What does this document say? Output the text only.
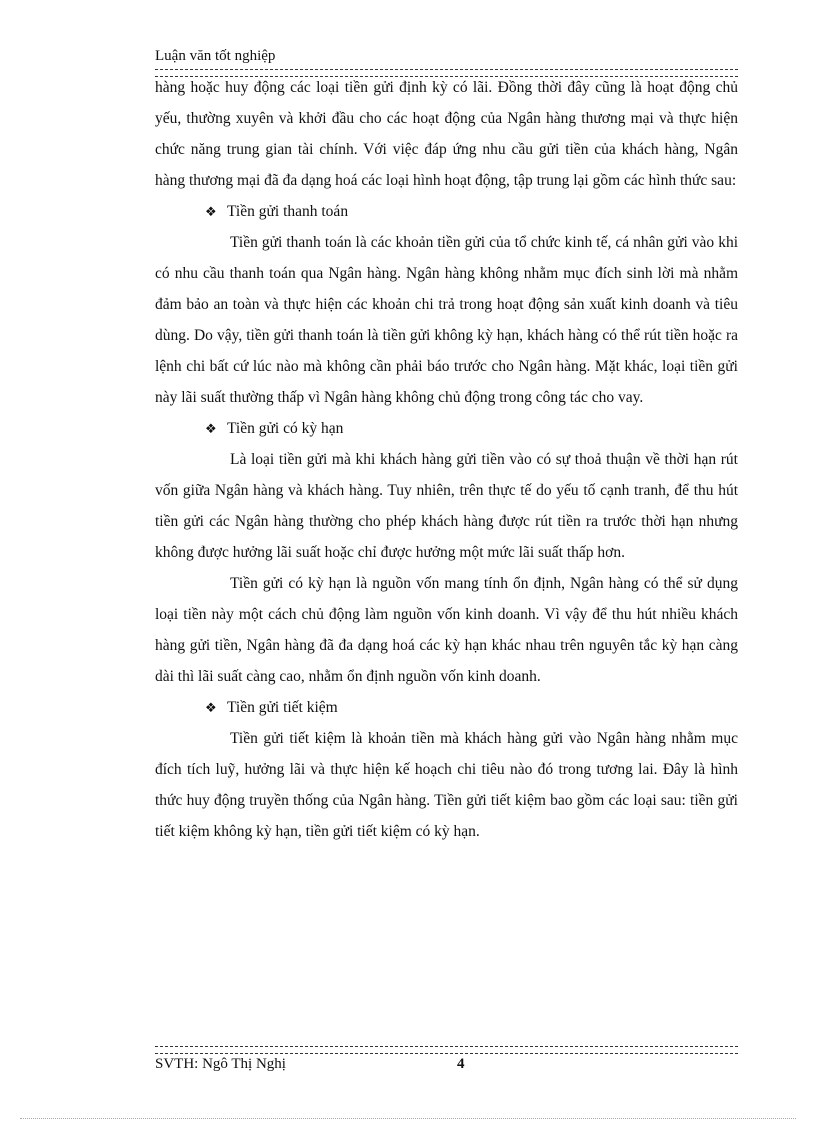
Luận văn tốt nghiệp

hàng hoặc huy động các loại tiền gửi định kỳ có lãi. Đồng thời đây cũng là hoạt động chủ yếu, thường xuyên và khởi đầu cho các hoạt động của Ngân hàng thương mại và thực hiện chức năng trung gian tài chính. Với việc đáp ứng nhu cầu gửi tiền của khách hàng, Ngân hàng thương mại đã đa dạng hoá các loại hình hoạt động, tập trung lại gồm các hình thức sau:

❖ Tiền gửi thanh toán

Tiền gửi thanh toán là các khoản tiền gửi của tổ chức kinh tế, cá nhân gửi vào khi có nhu cầu thanh toán qua Ngân hàng. Ngân hàng không nhằm mục đích sinh lời mà nhằm đảm bảo an toàn và thực hiện các khoản chi trả trong hoạt động sản xuất kinh doanh và tiêu dùng. Do vậy, tiền gửi thanh toán là tiền gửi không kỳ hạn, khách hàng có thể rút tiền hoặc ra lệnh chi bất cứ lúc nào mà không cần phải báo trước cho Ngân hàng. Mặt khác, loại tiền gửi này lãi suất thường thấp vì Ngân hàng không chủ động trong công tác cho vay.

❖ Tiền gửi có kỳ hạn

Là loại tiền gửi mà khi khách hàng gửi tiền vào có sự thoả thuận về thời hạn rút vốn giữa Ngân hàng và khách hàng. Tuy nhiên, trên thực tế do yếu tố cạnh tranh, để thu hút tiền gửi các Ngân hàng thường cho phép khách hàng được rút tiền ra trước thời hạn nhưng không được hưởng lãi suất hoặc chỉ được hưởng một mức lãi suất thấp hơn.

Tiền gửi có kỳ hạn là nguồn vốn mang tính ổn định, Ngân hàng có thể sử dụng loại tiền này một cách chủ động làm nguồn vốn kinh doanh. Vì vậy để thu hút nhiều khách hàng gửi tiền, Ngân hàng đã đa dạng hoá các kỳ hạn khác nhau trên nguyên tắc kỳ hạn càng dài thì lãi suất càng cao, nhằm ổn định nguồn vốn kinh doanh.

❖ Tiền gửi tiết kiệm

Tiền gửi tiết kiệm là khoản tiền mà khách hàng gửi vào Ngân hàng nhằm mục đích tích luỹ, hưởng lãi và thực hiện kế hoạch chi tiêu nào đó trong tương lai. Đây là hình thức huy động truyền thống của Ngân hàng. Tiền gửi tiết kiệm bao gồm các loại sau: tiền gửi tiết kiệm không kỳ hạn, tiền gửi tiết kiệm có kỳ hạn.

SVTH: Ngô Thị Nghị	4
